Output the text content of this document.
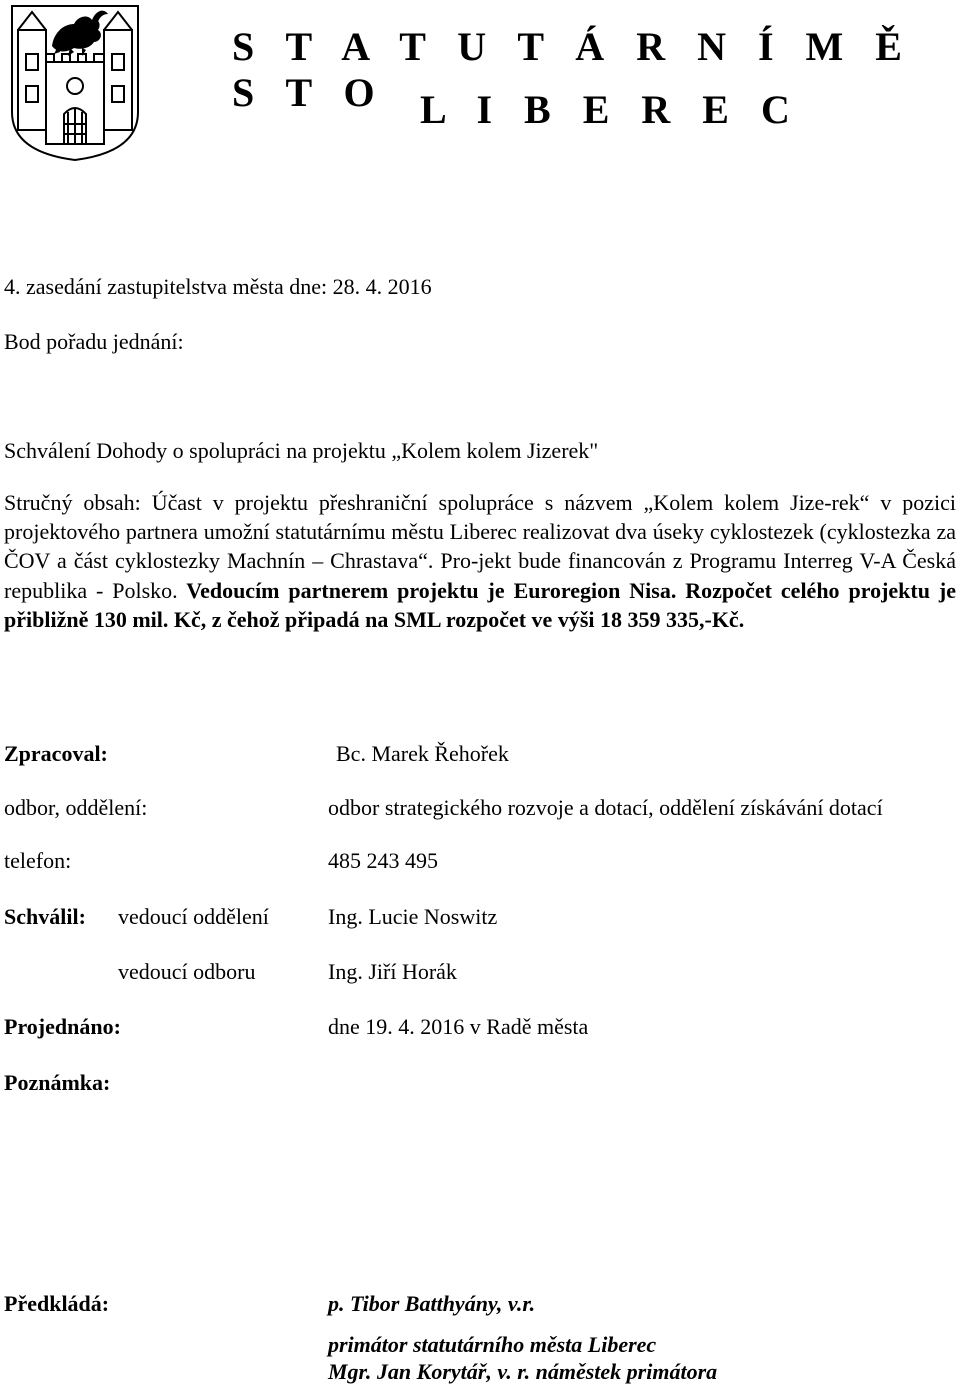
S T A T U T Á R N Í M Ě S T O L I B E R E C
4. zasedání zastupitelstva města dne: 28. 4. 2016
Bod pořadu jednání:
Schválení Dohody o spolupráci na projektu „Kolem kolem Jizerek"
Stručný obsah: Účast v projektu přeshraniční spolupráce s názvem „Kolem kolem Jize-rek“ v pozici projektového partnera umožní statutárnímu městu Liberec realizovat dva úseky cyklostezek (cyklostezka za ČOV a část cyklostezky Machnín – Chrastava“. Pro-jekt bude financován z Programu Interreg V-A Česká republika - Polsko. Vedoucím partnerem projektu je Euroregion Nisa. Rozpočet celého projektu je přibližně 130 mil. Kč, z čehož připadá na SML rozpočet ve výši 18 359 335,-Kč.
Zpracoval:	Bc. Marek Řehořek
odbor, oddělení:	odbor strategického rozvoje a dotací, oddělení získávání dotací
telefon:	485 243 495
Schválil: vedoucí oddělení	Ing. Lucie Noswitz
vedoucí odboru	Ing. Jiří Horák
Projednáno:	dne 19. 4. 2016 v Radě města
Poznámka:
Předkládá:	p. Tibor Batthyány, v.r.
primátor statutárního města Liberec
Mgr. Jan Korytář, v. r. náměstek primátora
